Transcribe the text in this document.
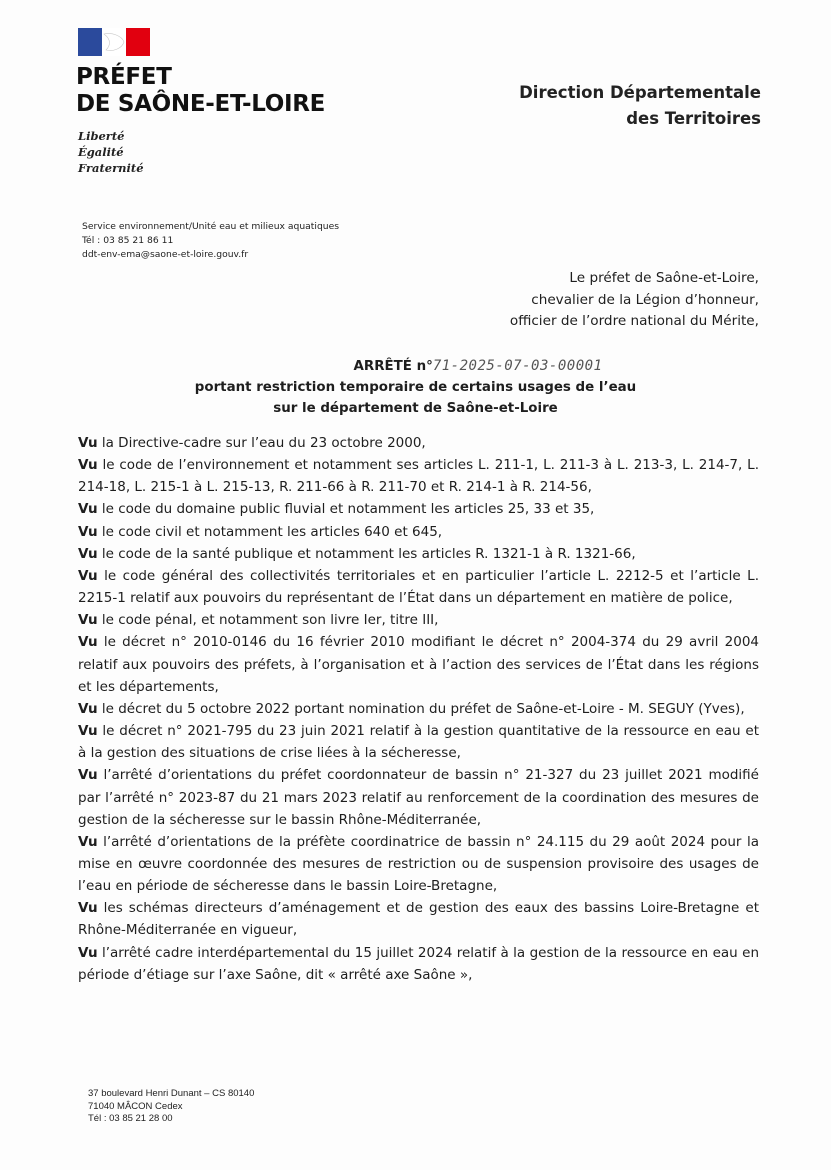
PRÉFET
DE SAÔNE-ET-LOIRE
Liberté
Égalité
Fraternité
Direction Départementale
des Territoires
Service environnement/Unité eau et milieux aquatiques
Tél : 03 85 21 86 11
ddt-env-ema@saone-et-loire.gouv.fr
Le préfet de Saône-et-Loire,
chevalier de la Légion d’honneur,
officier de l’ordre national du Mérite,
ARRÊTÉ n°71-2025-07-03-00001
portant restriction temporaire de certains usages de l’eau
sur le département de Saône-et-Loire

Vu la Directive-cadre sur l’eau du 23 octobre 2000,

Vu le code de l’environnement et notamment ses articles L. 211-1, L. 211-3 à L. 213-3, L. 214-7, L. 214-18, L. 215-1 à L. 215-13, R. 211-66 à R. 211-70 et R. 214-1 à R. 214-56,

Vu le code du domaine public fluvial et notamment les articles 25, 33 et 35,

Vu le code civil et notamment les articles 640 et 645,

Vu le code de la santé publique et notamment les articles R. 1321-1 à R. 1321-66,

Vu le code général des collectivités territoriales et en particulier l’article L. 2212-5 et l’article L. 2215-1 relatif aux pouvoirs du représentant de l’État dans un département en matière de police,

Vu le code pénal, et notamment son livre Ier, titre III,

Vu le décret n° 2010-0146 du 16 février 2010 modifiant le décret n° 2004-374 du 29 avril 2004 relatif aux pouvoirs des préfets, à l’organisation et à l’action des services de l’État dans les régions et les départements,

Vu le décret du 5 octobre 2022 portant nomination du préfet de Saône-et-Loire - M. SEGUY (Yves),

Vu le décret n° 2021-795 du 23 juin 2021 relatif à la gestion quantitative de la ressource en eau et à la gestion des situations de crise liées à la sécheresse,

Vu l’arrêté d’orientations du préfet coordonnateur de bassin n° 21-327 du 23 juillet 2021 modifié par l’arrêté n° 2023-87 du 21 mars 2023 relatif au renforcement de la coordination des mesures de gestion de la sécheresse sur le bassin Rhône-Méditerranée,

Vu l’arrêté d’orientations de la préfète coordinatrice de bassin n° 24.115 du 29 août 2024 pour la mise en œuvre coordonnée des mesures de restriction ou de suspension provisoire des usages de l’eau en période de sécheresse dans le bassin Loire-Bretagne,

Vu les schémas directeurs d’aménagement et de gestion des eaux des bassins Loire-Bretagne et Rhône-Méditerranée en vigueur,

Vu l’arrêté cadre interdépartemental du 15 juillet 2024 relatif à la gestion de la ressource en eau en période d’étiage sur l’axe Saône, dit « arrêté axe Saône »,

37 boulevard Henri Dunant – CS 80140
71040 MÂCON Cedex
Tél : 03 85 21 28 00
